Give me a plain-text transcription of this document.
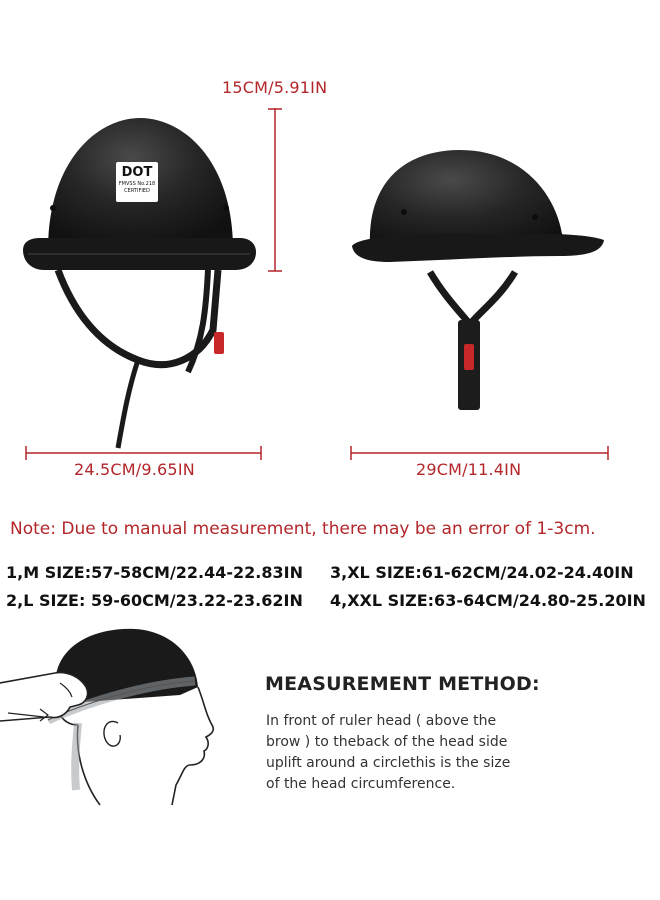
15CM/5.91IN
DOT
FMVSS No.218
CERTIFIED
24.5CM/9.65IN	29CM/11.4IN
Note: Due to manual measurement, there may be an error of 1-3cm.
1,M SIZE:57-58CM/22.44-22.83IN 3,XL SIZE:61-62CM/24.02-24.40IN
2,L SIZE: 59-60CM/23.22-23.62IN 4,XXL SIZE:63-64CM/24.80-25.20IN
MEASUREMENT METHOD:
In front of ruler head ( above the
brow ) to theback of the head side
uplift around a circlethis is the size
of the head circumference.
